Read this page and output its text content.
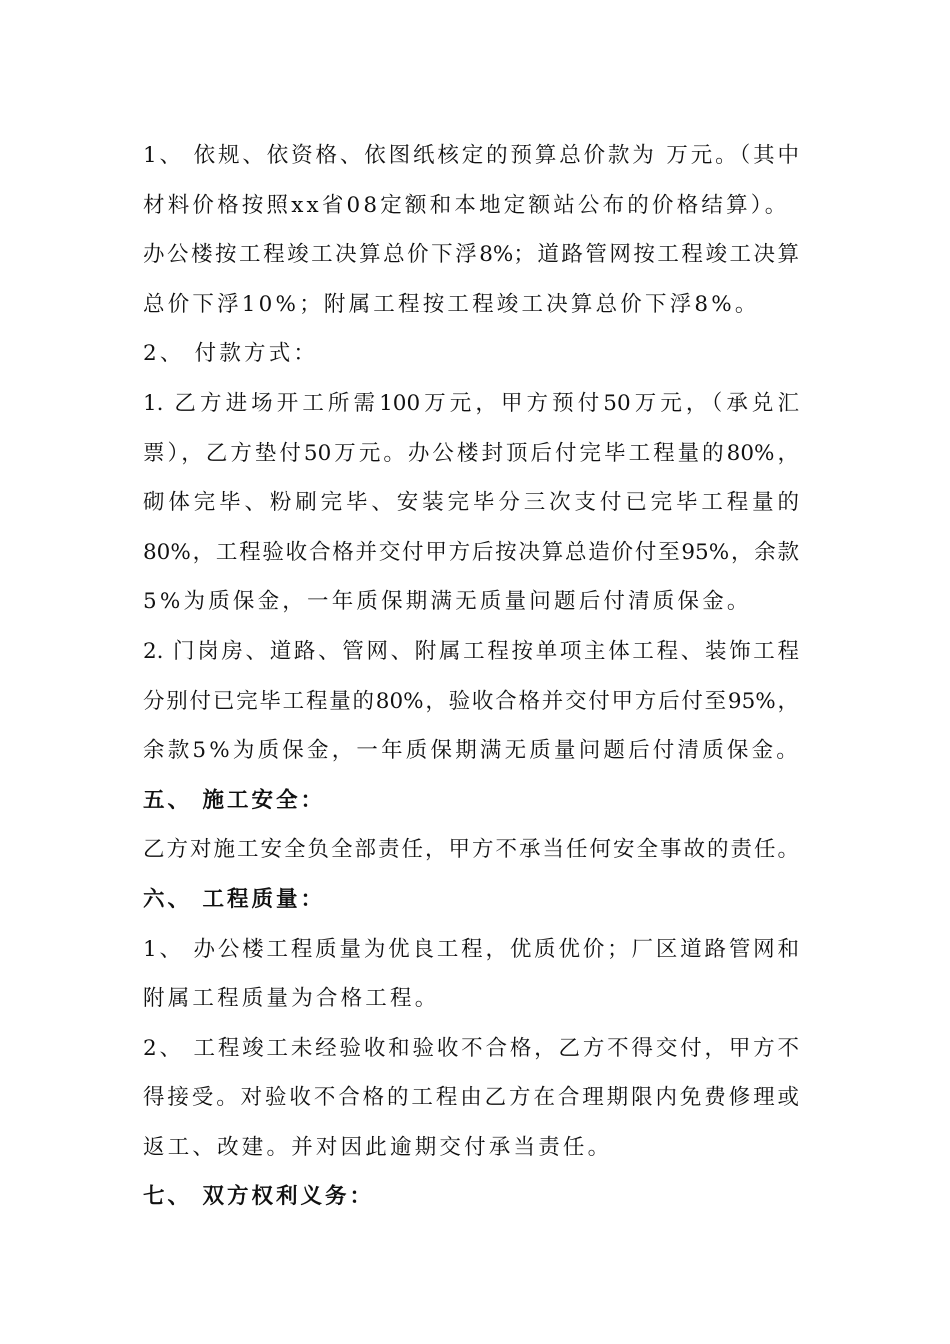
1、 依规、依资格、依图纸核定的预算总价款为 万元。（其中
材料价格按照xx省08定额和本地定额站公布的价格结算）。
办公楼按工程竣工决算总价下浮8%；道路管网按工程竣工决算
总价下浮10%；附属工程按工程竣工决算总价下浮8%。
2、 付款方式：
1. 乙方进场开工所需100万元，甲方预付50万元，（承兑汇
票），乙方垫付50万元。办公楼封顶后付完毕工程量的80%，
砌体完毕、粉刷完毕、安装完毕分三次支付已完毕工程量的
80%，工程验收合格并交付甲方后按决算总造价付至95%，余款
5%为质保金，一年质保期满无质量问题后付清质保金。
2. 门岗房、道路、管网、附属工程按单项主体工程、装饰工程
分别付已完毕工程量的80%，验收合格并交付甲方后付至95%，
余款5%为质保金，一年质保期满无质量问题后付清质保金。
五、 施工安全：
乙方对施工安全负全部责任，甲方不承当任何安全事故的责任。
六、 工程质量：
1、 办公楼工程质量为优良工程，优质优价；厂区道路管网和
附属工程质量为合格工程。
2、 工程竣工未经验收和验收不合格，乙方不得交付，甲方不
得接受。对验收不合格的工程由乙方在合理期限内免费修理或
返工、改建。并对因此逾期交付承当责任。
七、 双方权利义务：
